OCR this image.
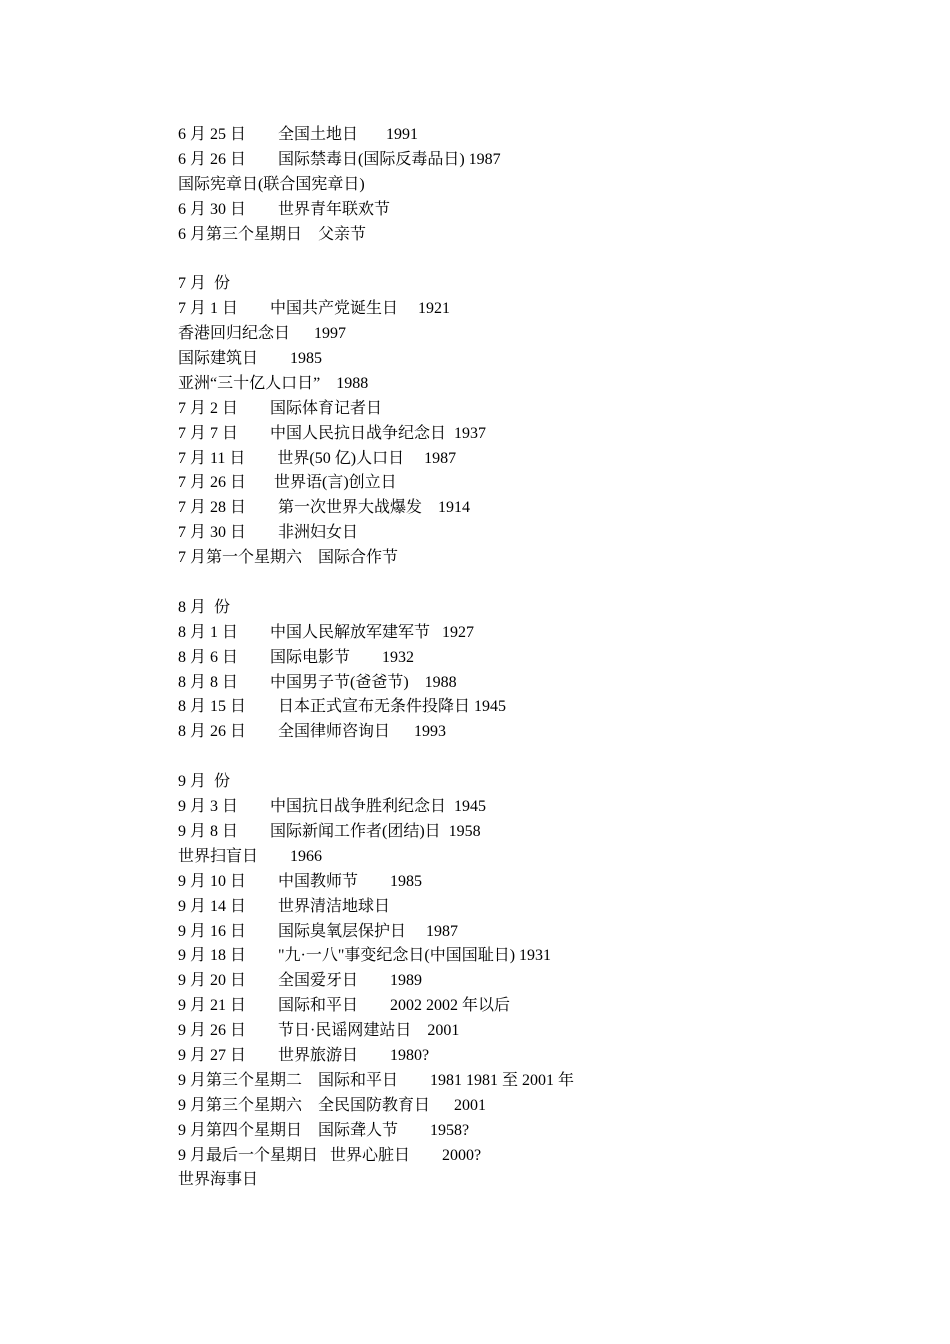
6 月 25 日        全国土地日       1991
6 月 26 日        国际禁毒日(国际反毒品日) 1987
国际宪章日(联合国宪章日)
6 月 30 日        世界青年联欢节
6 月第三个星期日    父亲节
7 月  份
7 月 1 日        中国共产党诞生日     1921
香港回归纪念日      1997
国际建筑日        1985
亚洲“三十亿人口日”    1988
7 月 2 日        国际体育记者日
7 月 7 日        中国人民抗日战争纪念日  1937
7 月 11 日        世界(50 亿)人口日     1987
7 月 26 日       世界语(言)创立日
7 月 28 日        第一次世界大战爆发    1914
7 月 30 日        非洲妇女日
7 月第一个星期六    国际合作节
8 月  份
8 月 1 日        中国人民解放军建军节   1927
8 月 6 日        国际电影节        1932
8 月 8 日        中国男子节(爸爸节)    1988
8 月 15 日        日本正式宣布无条件投降日 1945
8 月 26 日        全国律师咨询日      1993
9 月  份
9 月 3 日        中国抗日战争胜利纪念日  1945
9 月 8 日        国际新闻工作者(团结)日  1958
世界扫盲日        1966
9 月 10 日        中国教师节        1985
9 月 14 日        世界清洁地球日
9 月 16 日        国际臭氧层保护日     1987
9 月 18 日        "九·一八"事变纪念日(中国国耻日) 1931
9 月 20 日        全国爱牙日        1989
9 月 21 日        国际和平日        2002 2002 年以后
9 月 26 日        节日·民谣网建站日    2001
9 月 27 日        世界旅游日        1980?
9 月第三个星期二    国际和平日        1981 1981 至 2001 年
9 月第三个星期六    全民国防教育日      2001
9 月第四个星期日    国际聋人节        1958?
9 月最后一个星期日   世界心脏日        2000?
世界海事日
